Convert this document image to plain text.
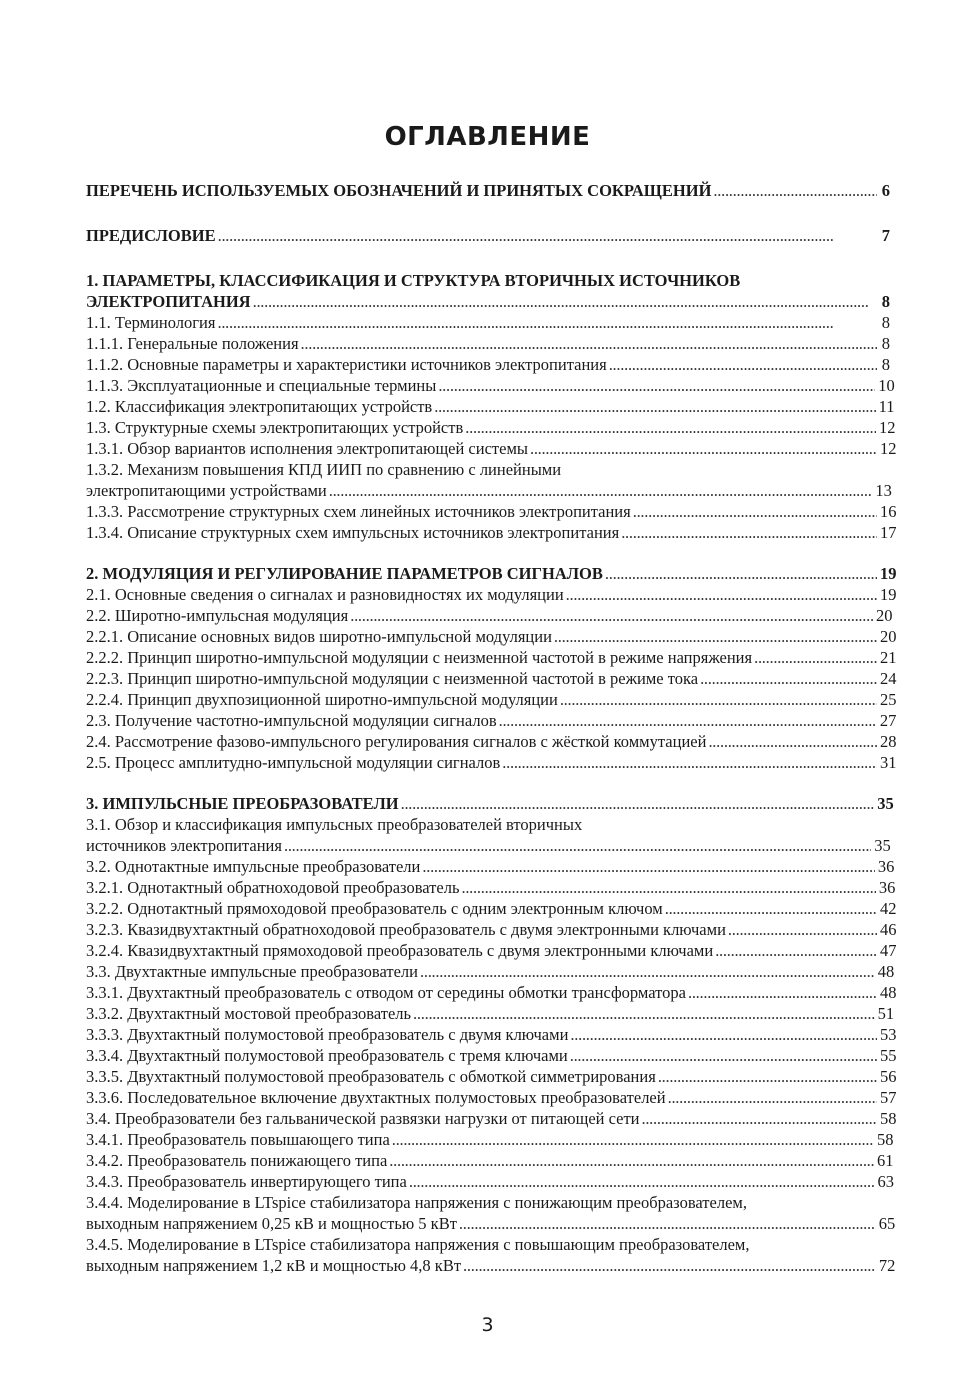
ОГЛАВЛЕНИЕ
ПЕРЕЧЕНЬ ИСПОЛЬЗУЕМЫХ ОБОЗНАЧЕНИЙ И ПРИНЯТЫХ СОКРАЩЕНИЙ . . .	6
ПРЕДИСЛОВИЕ . . .	7
1. ПАРАМЕТРЫ, КЛАССИФИКАЦИЯ И СТРУКТУРА ВТОРИЧНЫХ ИСТОЧНИКОВ
ЭЛЕКТРОПИТАНИЯ . . .	8
1.1. Терминология . . .	8
1.1.1. Генеральные положения . . .	8
1.1.2. Основные параметры и характеристики источников электропитания . . .	8
1.1.3. Эксплуатационные и специальные термины . . .	10
1.2. Классификация электропитающих устройств . . .	11
1.3. Структурные схемы электропитающих устройств . . .	12
1.3.1. Обзор вариантов исполнения электропитающей системы . . .	12
1.3.2. Механизм повышения КПД ИИП по сравнению с линейными
электропитающими устройствами . . .	13
1.3.3. Рассмотрение структурных схем линейных источников электропитания . . .	16
1.3.4. Описание структурных схем импульсных источников электропитания . . .	17
2. МОДУЛЯЦИЯ И РЕГУЛИРОВАНИЕ ПАРАМЕТРОВ СИГНАЛОВ . . .	19
2.1. Основные сведения о сигналах и разновидностях их модуляции . . .	19
2.2. Широтно-импульсная модуляция . . .	20
2.2.1. Описание основных видов широтно-импульсной модуляции . . .	20
2.2.2. Принцип широтно-импульсной модуляции с неизменной частотой в режиме напряжения . . .	21
2.2.3. Принцип широтно-импульсной модуляции с неизменной частотой в режиме тока . . .	24
2.2.4. Принцип двухпозиционной широтно-импульсной модуляции . . .	25
2.3. Получение частотно-импульсной модуляции сигналов . . .	27
2.4. Рассмотрение фазово-импульсного регулирования сигналов с жёсткой коммутацией . . .	28
2.5. Процесс амплитудно-импульсной модуляции сигналов . . .	31
3. ИМПУЛЬСНЫЕ ПРЕОБРАЗОВАТЕЛИ . . .	35
3.1. Обзор и классификация импульсных преобразователей вторичных
источников электропитания . . .	35
3.2. Однотактные импульсные преобразователи . . .	36
3.2.1. Однотактный обратноходовой преобразователь . . .	36
3.2.2. Однотактный прямоходовой преобразователь с одним электронным ключом . . .	42
3.2.3. Квазидвухтактный обратноходовой преобразователь с двумя электронными ключами . . .	46
3.2.4. Квазидвухтактный прямоходовой преобразователь с двумя электронными ключами . . .	47
3.3. Двухтактные импульсные преобразователи . . .	48
3.3.1. Двухтактный преобразователь с отводом от середины обмотки трансформатора . . .	48
3.3.2. Двухтактный мостовой преобразователь . . .	51
3.3.3. Двухтактный полумостовой преобразователь с двумя ключами . . .	53
3.3.4. Двухтактный полумостовой преобразователь с тремя ключами . . .	55
3.3.5. Двухтактный полумостовой преобразователь с обмоткой симметрирования . . .	56
3.3.6. Последовательное включение двухтактных полумостовых преобразователей . . .	57
3.4. Преобразователи без гальванической развязки нагрузки от питающей сети . . .	58
3.4.1. Преобразователь повышающего типа . . .	58
3.4.2. Преобразователь понижающего типа . . .	61
3.4.3. Преобразователь инвертирующего типа . . .	63
3.4.4. Моделирование в LTspice стабилизатора напряжения с понижающим преобразователем,
выходным напряжением 0,25 кВ и мощностью 5 кВт . . .	65
3.4.5. Моделирование в LTspice стабилизатора напряжения с повышающим преобразователем,
выходным напряжением 1,2 кВ и мощностью 4,8 кВт . . .	72
3
